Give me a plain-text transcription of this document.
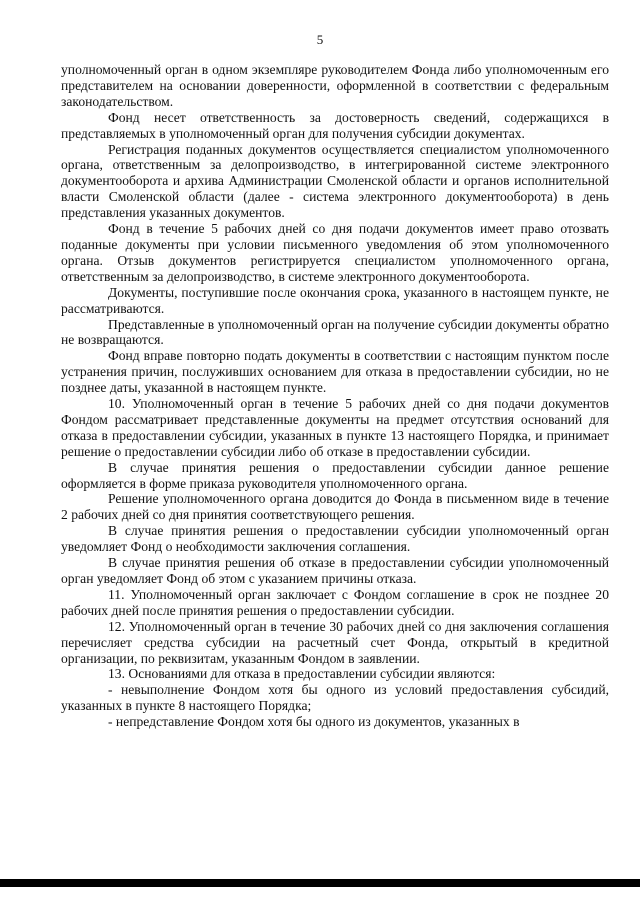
5

уполномоченный орган в одном экземпляре руководителем Фонда либо уполномоченным его представителем на основании доверенности, оформленной в соответствии с федеральным законодательством.

Фонд несет ответственность за достоверность сведений, содержащихся в представляемых в уполномоченный орган для получения субсидии документах.

Регистрация поданных документов осуществляется специалистом уполномоченного органа, ответственным за делопроизводство, в интегрированной системе электронного документооборота и архива Администрации Смоленской области и органов исполнительной власти Смоленской области (далее - система электронного документооборота) в день представления указанных документов.

Фонд в течение 5 рабочих дней со дня подачи документов имеет право отозвать поданные документы при условии письменного уведомления об этом уполномоченного органа. Отзыв документов регистрируется специалистом уполномоченного органа, ответственным за делопроизводство, в системе электронного документооборота.

Документы, поступившие после окончания срока, указанного в настоящем пункте, не рассматриваются.

Представленные в уполномоченный орган на получение субсидии документы обратно не возвращаются.

Фонд вправе повторно подать документы в соответствии с настоящим пунктом после устранения причин, послуживших основанием для отказа в предоставлении субсидии, но не позднее даты, указанной в настоящем пункте.

10. Уполномоченный орган в течение 5 рабочих дней со дня подачи документов Фондом рассматривает представленные документы на предмет отсутствия оснований для отказа в предоставлении субсидии, указанных в пункте 13 настоящего Порядка, и принимает решение о предоставлении субсидии либо об отказе в предоставлении субсидии.

В случае принятия решения о предоставлении субсидии данное решение оформляется в форме приказа руководителя уполномоченного органа.

Решение уполномоченного органа доводится до Фонда в письменном виде в течение 2 рабочих дней со дня принятия соответствующего решения.

В случае принятия решения о предоставлении субсидии уполномоченный орган уведомляет Фонд о необходимости заключения соглашения.

В случае принятия решения об отказе в предоставлении субсидии уполномоченный орган уведомляет Фонд об этом с указанием причины отказа.

11. Уполномоченный орган заключает с Фондом соглашение в срок не позднее 20 рабочих дней после принятия решения о предоставлении субсидии.

12. Уполномоченный орган в течение 30 рабочих дней со дня заключения соглашения перечисляет средства субсидии на расчетный счет Фонда, открытый в кредитной организации, по реквизитам, указанным Фондом в заявлении.

13. Основаниями для отказа в предоставлении субсидии являются:

- невыполнение Фондом хотя бы одного из условий предоставления субсидий, указанных в пункте 8 настоящего Порядка;

- непредставление Фондом хотя бы одного из документов, указанных в
